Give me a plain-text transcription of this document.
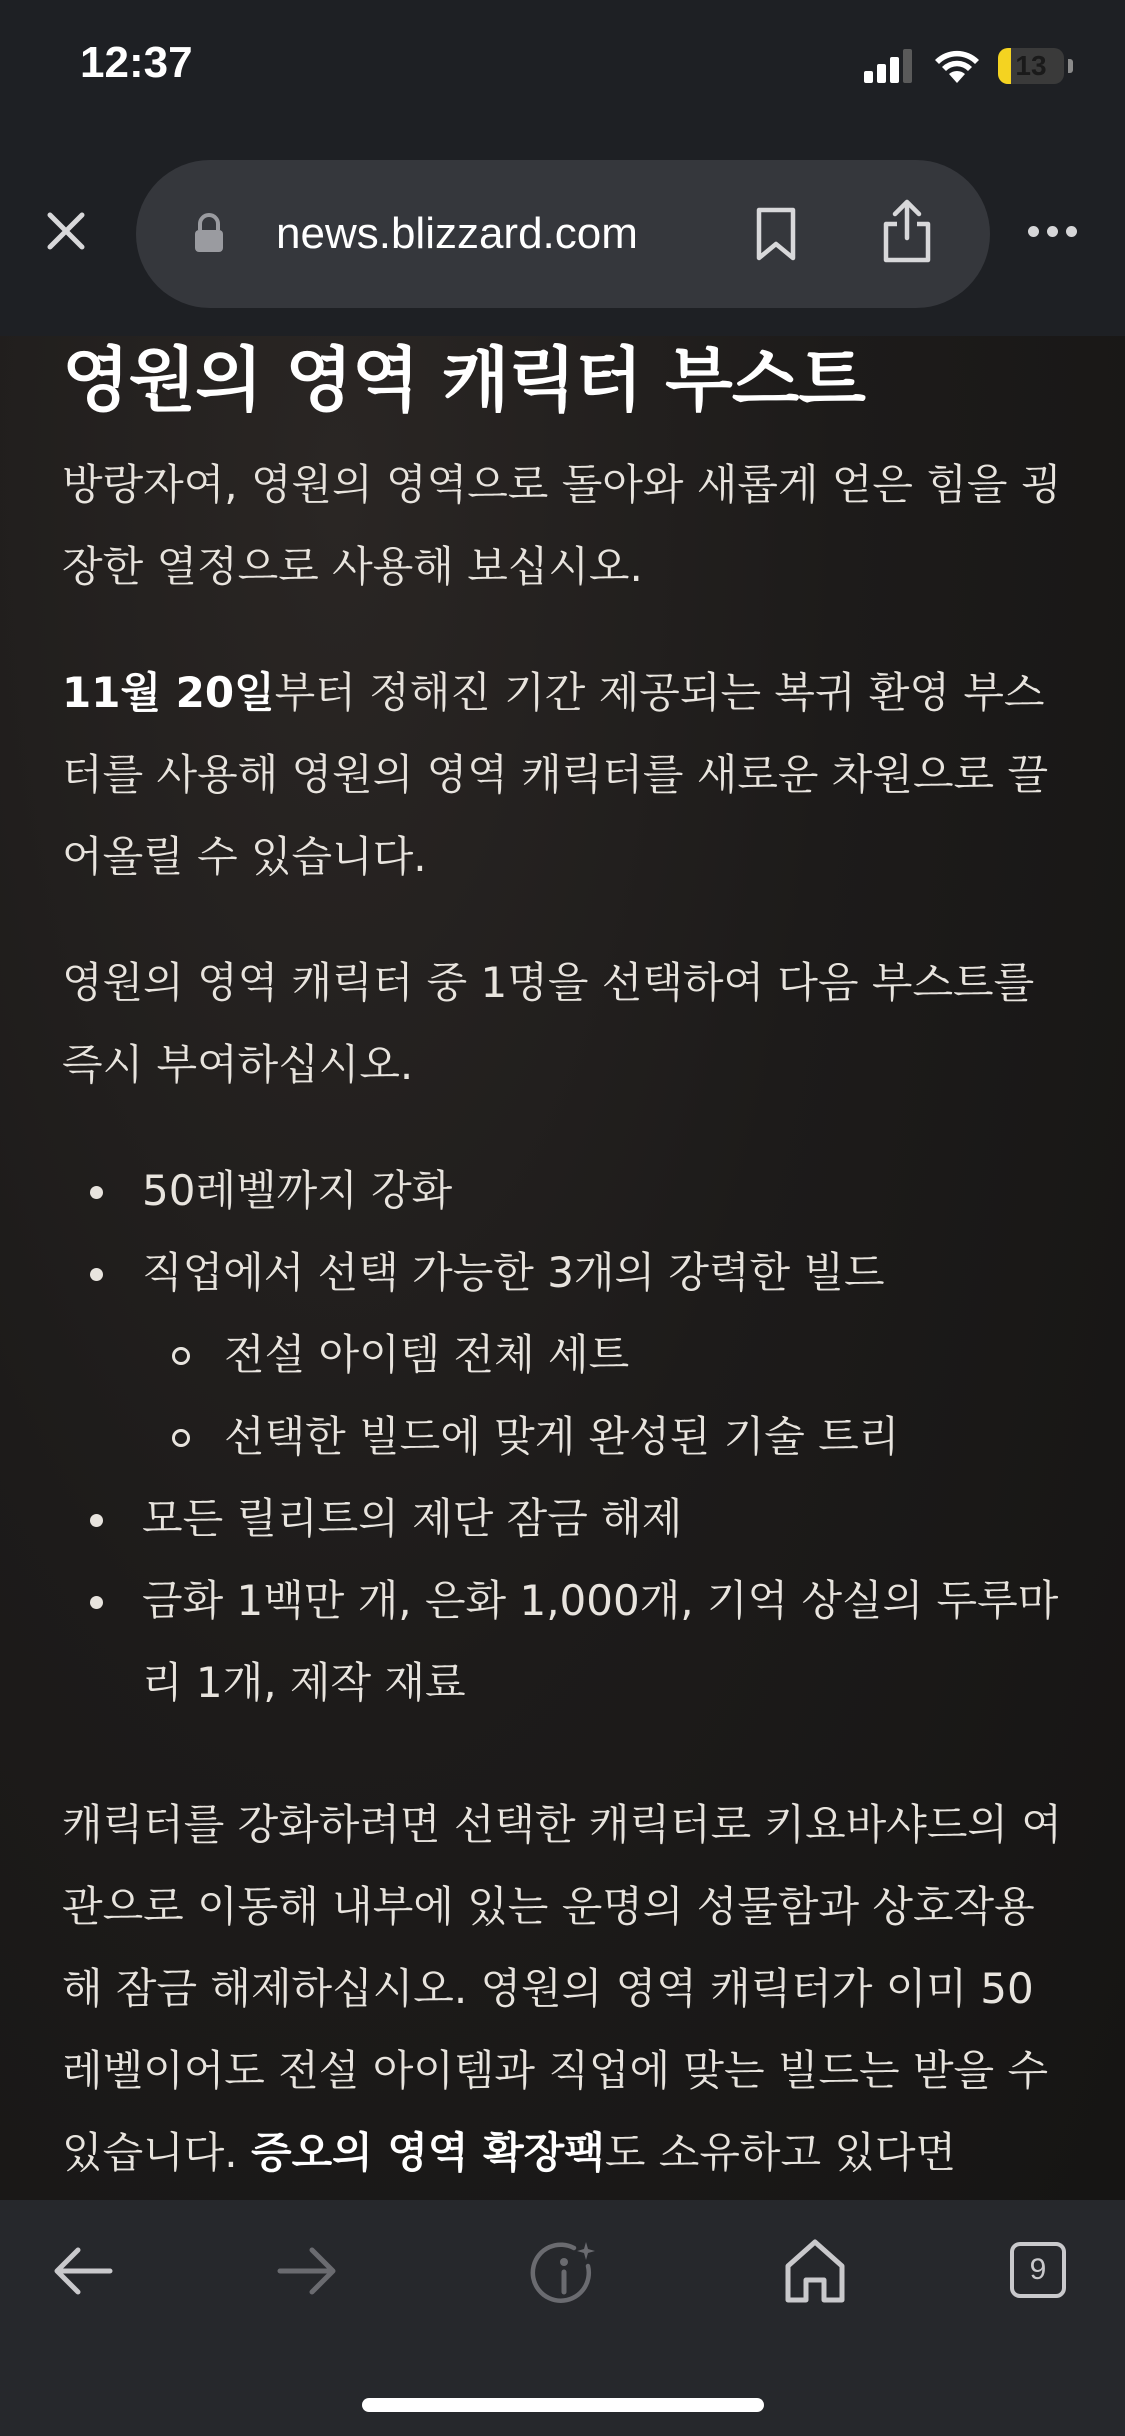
영원의 영역 캐릭터 부스트

방랑자여, 영원의 영역으로 돌아와 새롭게 얻은 힘을 굉장한 열정으로 사용해 보십시오.

11월 20일부터 정해진 기간 제공되는 복귀 환영 부스터를 사용해 영원의 영역 캐릭터를 새로운 차원으로 끌어올릴 수 있습니다.

영원의 영역 캐릭터 중 1명을 선택하여 다음 부스트를 즉시 부여하십시오.

50레벨까지 강화
직업에서 선택 가능한 3개의 강력한 빌드
전설 아이템 전체 세트
선택한 빌드에 맞게 완성된 기술 트리
모든 릴리트의 제단 잠금 해제
금화 1백만 개, 은화 1,000개, 기억 상실의 두루마리 1개, 제작 재료

캐릭터를 강화하려면 선택한 캐릭터로 키요바샤드의 여관으로 이동해 내부에 있는 운명의 성물함과 상호작용해 잠금 해제하십시오. 영원의 영역 캐릭터가 이미 50레벨이어도 전설 아이템과 직업에 맞는 빌드는 받을 수 있습니다. 증오의 영역 확장팩도 소유하고 있다면

12:37	13
news.blizzard.com
9
